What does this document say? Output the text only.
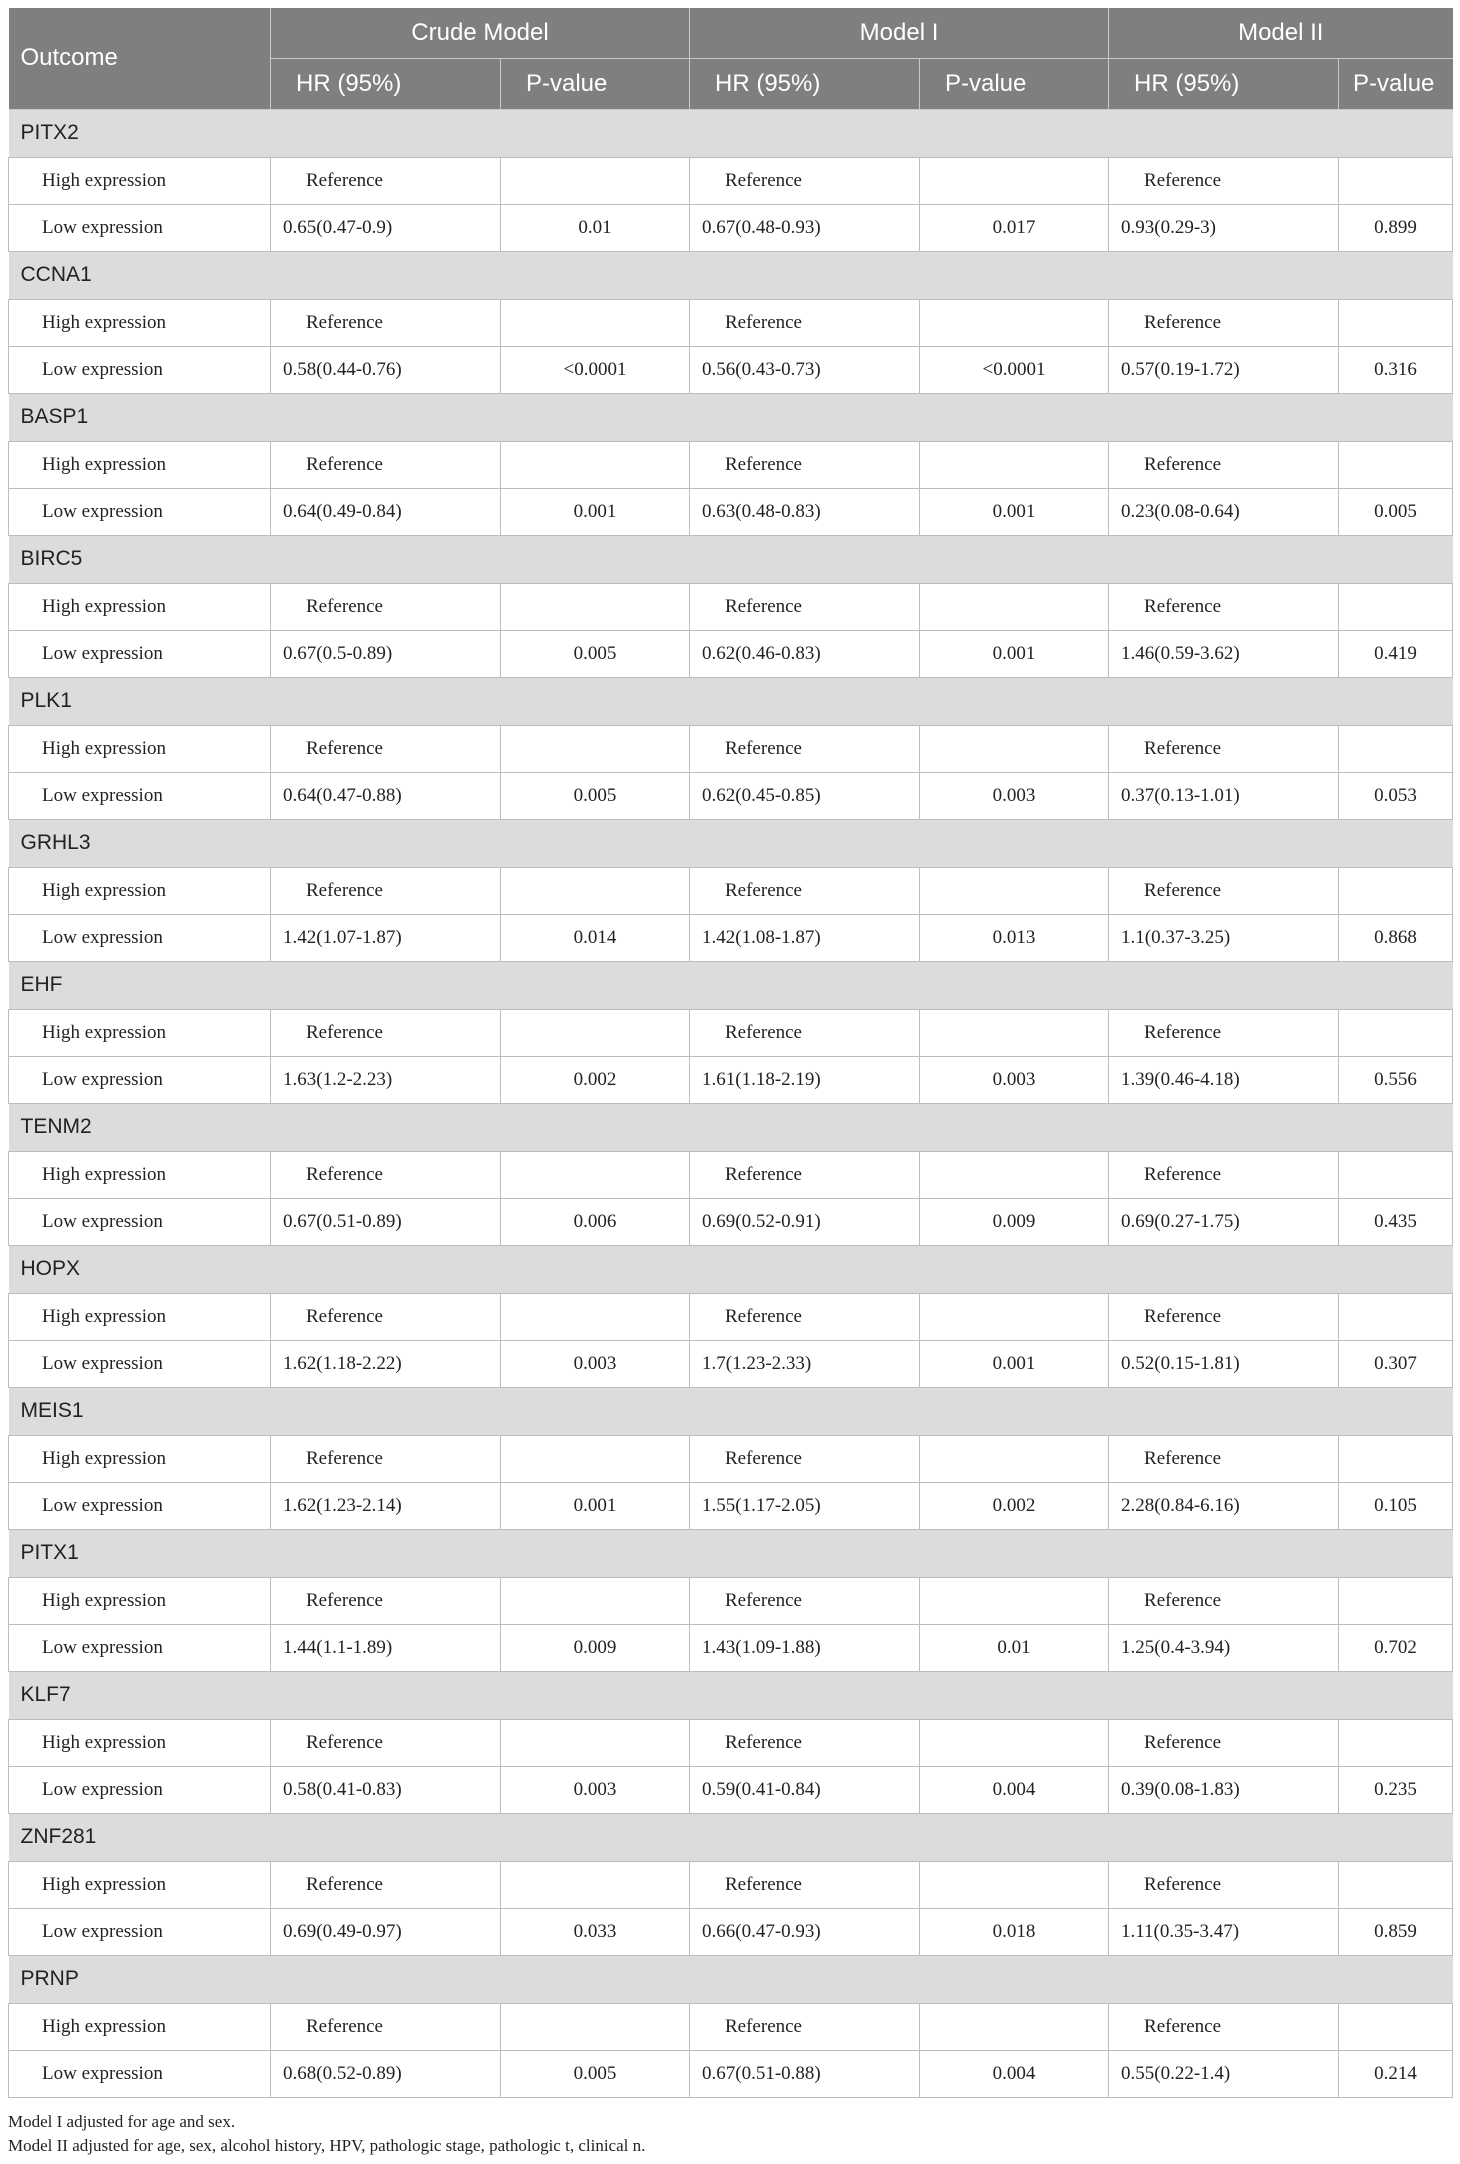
Outcome	Crude Model		Model I		Model II	
	HR (95%)	P-value	HR (95%)	P-value	HR (95%)	P-value
PITX2						
High expression	Reference		Reference		Reference	
Low expression	0.65(0.47-0.9)	0.01	0.67(0.48-0.93)	0.017	0.93(0.29-3)	0.899
CCNA1						
High expression	Reference		Reference		Reference	
Low expression	0.58(0.44-0.76)	<0.0001	0.56(0.43-0.73)	<0.0001	0.57(0.19-1.72)	0.316
BASP1						
High expression	Reference		Reference		Reference	
Low expression	0.64(0.49-0.84)	0.001	0.63(0.48-0.83)	0.001	0.23(0.08-0.64)	0.005
BIRC5						
High expression	Reference		Reference		Reference	
Low expression	0.67(0.5-0.89)	0.005	0.62(0.46-0.83)	0.001	1.46(0.59-3.62)	0.419
PLK1						
High expression	Reference		Reference		Reference	
Low expression	0.64(0.47-0.88)	0.005	0.62(0.45-0.85)	0.003	0.37(0.13-1.01)	0.053
GRHL3						
High expression	Reference		Reference		Reference	
Low expression	1.42(1.07-1.87)	0.014	1.42(1.08-1.87)	0.013	1.1(0.37-3.25)	0.868
EHF						
High expression	Reference		Reference		Reference	
Low expression	1.63(1.2-2.23)	0.002	1.61(1.18-2.19)	0.003	1.39(0.46-4.18)	0.556
TENM2						
High expression	Reference		Reference		Reference	
Low expression	0.67(0.51-0.89)	0.006	0.69(0.52-0.91)	0.009	0.69(0.27-1.75)	0.435
HOPX						
High expression	Reference		Reference		Reference	
Low expression	1.62(1.18-2.22)	0.003	1.7(1.23-2.33)	0.001	0.52(0.15-1.81)	0.307
MEIS1						
High expression	Reference		Reference		Reference	
Low expression	1.62(1.23-2.14)	0.001	1.55(1.17-2.05)	0.002	2.28(0.84-6.16)	0.105
PITX1						
High expression	Reference		Reference		Reference	
Low expression	1.44(1.1-1.89)	0.009	1.43(1.09-1.88)	0.01	1.25(0.4-3.94)	0.702
KLF7						
High expression	Reference		Reference		Reference	
Low expression	0.58(0.41-0.83)	0.003	0.59(0.41-0.84)	0.004	0.39(0.08-1.83)	0.235
ZNF281						
High expression	Reference		Reference		Reference	
Low expression	0.69(0.49-0.97)	0.033	0.66(0.47-0.93)	0.018	1.11(0.35-3.47)	0.859
PRNP						
High expression	Reference		Reference		Reference	
Low expression	0.68(0.52-0.89)	0.005	0.67(0.51-0.88)	0.004	0.55(0.22-1.4)	0.214
Model I adjusted for age and sex.
Model II adjusted for age, sex, alcohol history, HPV, pathologic stage, pathologic t, clinical n.
